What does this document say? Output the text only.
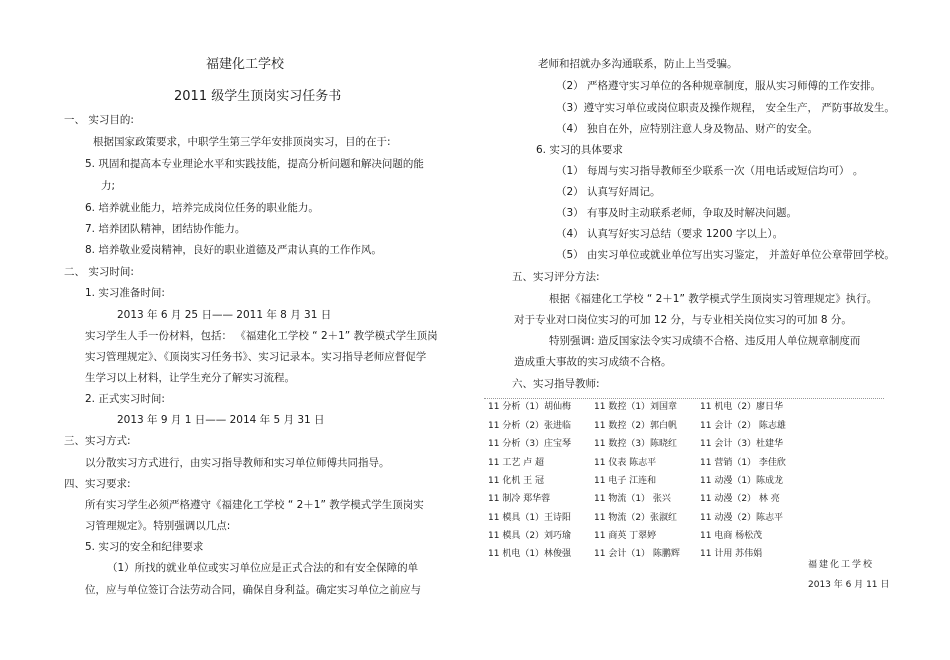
福建化工学校
2011 级学生顶岗实习任务书
一、 实习目的:
根据国家政策要求，中职学生第三学年安排顶岗实习，目的在于:
5. 巩固和提高本专业理论水平和实践技能，提高分析问题和解决问题的能
力;
6. 培养就业能力，培养完成岗位任务的职业能力。
7. 培养团队精神，团结协作能力。
8. 培养敬业爱岗精神，良好的职业道德及严肃认真的工作作风。
二、 实习时间:
1. 实习准备时间:
2013 年 6 月 25 日—— 2011 年 8 月 31 日
实习学生人手一份材料，包括： 《福建化工学校 “ 2＋1” 教学模式学生顶岗
实习管理规定》、《顶岗实习任务书》、实习记录本。实习指导老师应督促学
生学习以上材料，让学生充分了解实习流程。
2. 正式实习时间:
2013 年 9 月 1 日—— 2014 年 5 月 31 日
三、实习方式:
以分散实习方式进行，由实习指导教师和实习单位师傅共同指导。
四、实习要求:
所有实习学生必须严格遵守《福建化工学校 “ 2＋1” 教学模式学生顶岗实
习管理规定》。特别强调以几点:
5. 实习的安全和纪律要求
（1）所找的就业单位或实习单位应是正式合法的和有安全保障的单
位，应与单位签订合法劳动合同，确保自身利益。确定实习单位之前应与
老师和招就办多沟通联系，防止上当受骗。
（2） 严格遵守实习单位的各种规章制度，服从实习师傅的工作安排。
（3）遵守实习单位或岗位职责及操作规程， 安全生产， 严防事故发生。
（4） 独自在外，应特别注意人身及物品、财产的安全。
6. 实习的具体要求
（1） 每周与实习指导教师至少联系一次（用电话或短信均可） 。
（2） 认真写好周记。
（3） 有事及时主动联系老师，争取及时解决问题。
（4） 认真写好实习总结（要求 1200 字以上）。
（5） 由实习单位或就业单位写出实习鉴定， 并盖好单位公章带回学校。
五、实习评分方法:
根据《福建化工学校 “ 2＋1” 教学模式学生顶岗实习管理规定》执行。
对于专业对口岗位实习的可加 12 分，与专业相关岗位实习的可加 8 分。
特别强调: 造反国家法令实习成绩不合格、违反用人单位规章制度而
造成重大事故的实习成绩不合格。
六、实习指导教师:
11 分析（1）胡仙梅	11 数控（1）刘国章	11 机电（2）廖日华
11 分析（2）张进临	11 数控（2）郭白帆	11 会计（2） 陈志雄
11 分析（3）庄宝琴	11 数控（3）陈晓红	11 会计（3）杜建华
11 工艺 卢 超	11 仪表 陈志平	11 营销（1） 李佳欣
11 化机 王 冠	11 电子 江连和	11 动漫（1）陈成龙
11 制冷 郑华蓉	11 物流（1） 张兴	11 动漫（2） 林 亮
11 模具（1）王诗阳	11 物流（2）张淑红	11 动漫（2）陈志平
11 模具（2）刘巧瑜	11 商英 丁翠婷	11 电商 杨松茂
11 机电（1）林俊强	11 会计（1） 陈鹏辉 11 计用 苏伟娟
福建化工学校
2013 年 6 月 11 日
